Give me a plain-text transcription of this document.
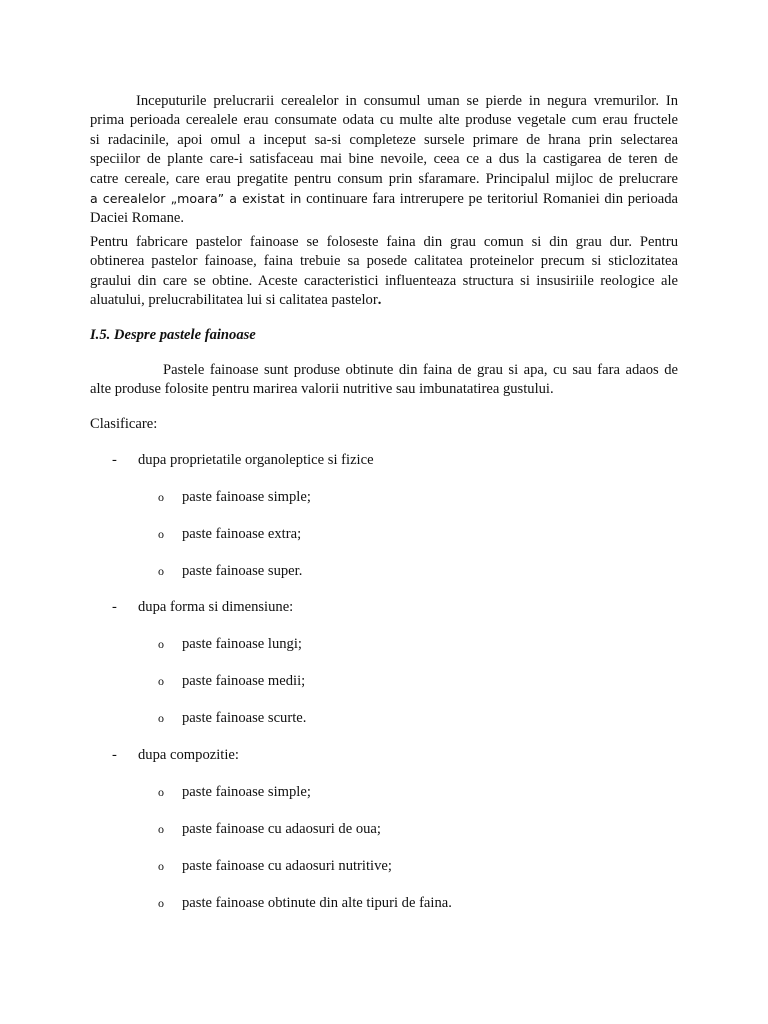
Inceputurile prelucrarii cerealelor in consumul uman se pierde in negura vremurilor. In
prima perioada cerealele erau consumate odata cu multe alte produse vegetale cum erau fructele
si radacinile, apoi omul a inceput sa-si completeze sursele primare de hrana prin selectarea
speciilor de plante care-i satisfaceau mai bine nevoile, ceea ce a dus la castigarea de teren de
catre cereale, care erau pregatite pentru consum prin sfaramare. Principalul mijloc de prelucrare
a cerealelor „moara” a existat in continuare fara intrerupere pe teritoriul Romaniei din perioada
Daciei Romane.
Pentru fabricare pastelor fainoase se foloseste faina din grau comun si din grau dur. Pentru
obtinerea pastelor fainoase, faina trebuie sa posede calitatea proteinelor precum si sticlozitatea
graului din care se obtine. Aceste caracteristici influenteaza structura si insusiriile reologice ale
aluatului, prelucrabilitatea lui si calitatea pastelor.

I.5. Despre pastele fainoase

Pastele fainoase sunt produse obtinute din faina de grau si apa, cu sau fara adaos de
alte produse folosite pentru marirea valorii nutritive sau imbunatatirea gustului.

Clasificare:

- dupa proprietatile organoleptice si fizice

o paste fainoase simple;

o paste fainoase extra;

o paste fainoase super.

- dupa forma si dimensiune:

o paste fainoase lungi;

o paste fainoase medii;

o paste fainoase scurte.

- dupa compozitie:

o paste fainoase simple;

o paste fainoase cu adaosuri de oua;

o paste fainoase cu adaosuri nutritive;

o paste fainoase obtinute din alte tipuri de faina.
